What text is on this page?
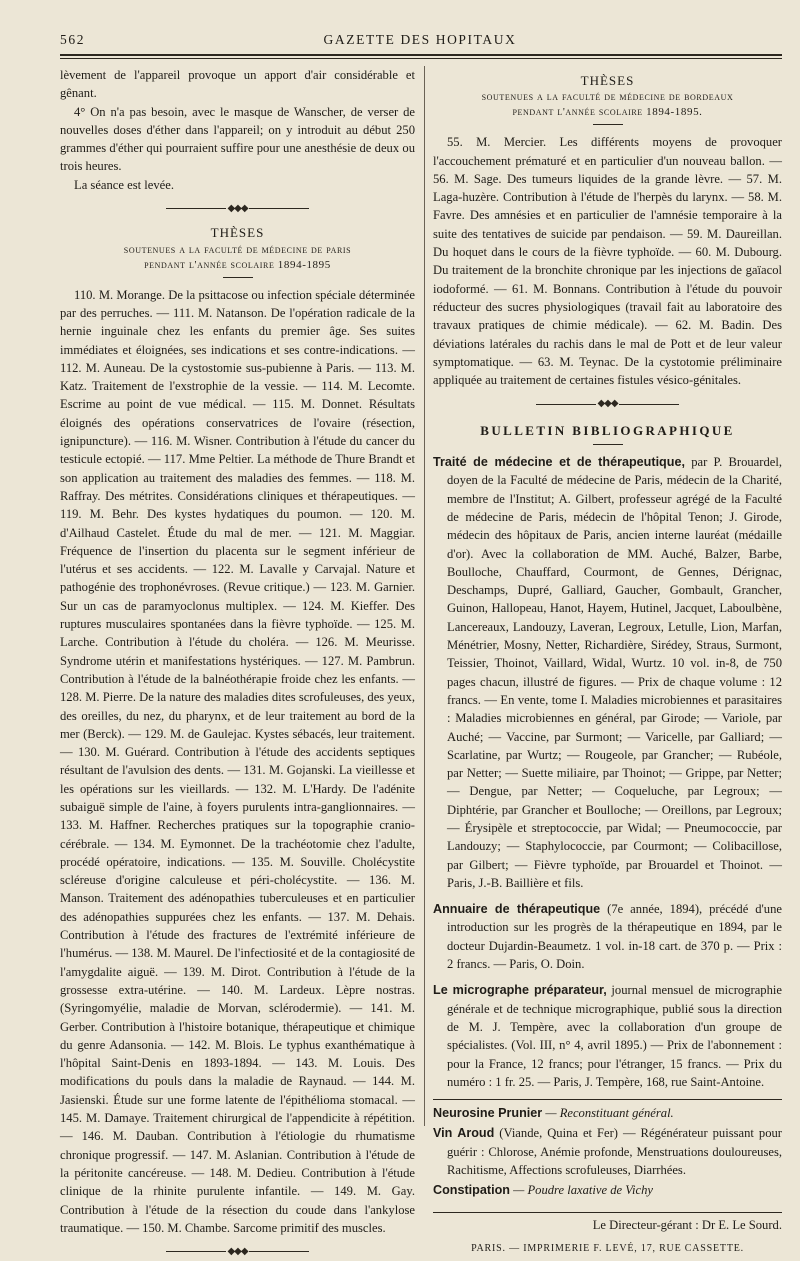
562	GAZETTE DES HOPITAUX

lèvement de l'appareil provoque un apport d'air considérable et gênant.

4° On n'a pas besoin, avec le masque de Wanscher, de verser de nouvelles doses d'éther dans l'appareil; on y introduit au début 250 grammes d'éther qui pourraient suffire pour une anesthésie de deux ou trois heures.

La séance est levée.

◆◆◆
THÈSES
soutenues a la faculté de médecine de paris
pendant l'année scolaire 1894-1895

110. M. Morange. De la psittacose ou infection spéciale déterminée par des perruches. — 111. M. Natanson. De l'opération radicale de la hernie inguinale chez les enfants du premier âge. Ses suites immédiates et éloignées, ses indications et ses contre-indications. — 112. M. Auneau. De la cystostomie sus-pubienne à Paris. — 113. M. Katz. Traitement de l'exstrophie de la vessie. — 114. M. Lecomte. Escrime au point de vue médical. — 115. M. Donnet. Résultats éloignés des opérations conservatrices de l'ovaire (résection, ignipuncture). — 116. M. Wisner. Contribution à l'étude du cancer du testicule ectopié. — 117. Mme Peltier. La méthode de Thure Brandt et son application au traitement des maladies des femmes. — 118. M. Raffray. Des métrites. Considérations cliniques et thérapeutiques. — 119. M. Behr. Des kystes hydatiques du poumon. — 120. M. d'Ailhaud Castelet. Étude du mal de mer. — 121. M. Maggiar. Fréquence de l'insertion du placenta sur le segment inférieur de l'utérus et ses accidents. — 122. M. Lavalle y Carvajal. Nature et pathogénie des trophonévroses. (Revue critique.) — 123. M. Garnier. Sur un cas de paramyoclonus multiplex. — 124. M. Kieffer. Des ruptures musculaires spontanées dans la fièvre typhoïde. — 125. M. Larche. Contribution à l'étude du choléra. — 126. M. Meurisse. Syndrome utérin et manifestations hystériques. — 127. M. Pambrun. Contribution à l'étude de la balnéothérapie froide chez les enfants. — 128. M. Pierre. De la nature des maladies dites scrofuleuses, des yeux, des oreilles, du nez, du pharynx, et de leur traitement au bord de la mer (Berck). — 129. M. de Gaulejac. Kystes sébacés, leur traitement. — 130. M. Guérard. Contribution à l'étude des accidents septiques résultant de l'avulsion des dents. — 131. M. Gojanski. La vieillesse et les opérations sur les vieillards. — 132. M. L'Hardy. De l'adénite subaiguë simple de l'aine, à foyers purulents intra-ganglionnaires. — 133. M. Haffner. Recherches pratiques sur la topographie cranio-cérébrale. — 134. M. Eymonnet. De la trachéotomie chez l'adulte, procédé opératoire, indications. — 135. M. Souville. Cholécystite scléreuse d'origine calculeuse et péri-cholécystite. — 136. M. Manson. Traitement des adénopathies tuberculeuses et en particulier des adénopathies suppurées chez les enfants. — 137. M. Dehais. Contribution à l'étude des fractures de l'extrémité inférieure de l'humérus. — 138. M. Maurel. De l'infectiosité et de la contagiosité de l'amygdalite aiguë. — 139. M. Dirot. Contribution à l'étude de la grossesse extra-utérine. — 140. M. Lardeux. Lèpre nostras. (Syringomyélie, maladie de Morvan, sclérodermie). — 141. M. Gerber. Contribution à l'histoire botanique, thérapeutique et chimique du genre Adansonia. — 142. M. Blois. Le typhus exanthématique à l'hôpital Saint-Denis en 1893-1894. — 143. M. Louis. Des modifications du pouls dans la maladie de Raynaud. — 144. M. Jasienski. Étude sur une forme latente de l'épithélioma stomacal. — 145. M. Damaye. Traitement chirurgical de l'appendicite à répétition. — 146. M. Dauban. Contribution à l'étiologie du rhumatisme chronique progressif. — 147. M. Aslanian. Contribution à l'étude de la péritonite cancéreuse. — 148. M. Dedieu. Contribution à l'étude clinique de la rhinite purulente infantile. — 149. M. Gay. Contribution à l'étude de la résection du coude dans l'ankylose traumatique. — 150. M. Chambe. Sarcome primitif des muscles.

◆◆◆
THÈSES
soutenues a la faculté de médecine de bordeaux
pendant l'année scolaire 1894-1895.

55. M. Mercier. Les différents moyens de provoquer l'accouchement prématuré et en particulier d'un nouveau ballon. — 56. M. Sage. Des tumeurs liquides de la grande lèvre. — 57. M. Laga-huzère. Contribution à l'étude de l'herpès du larynx. — 58. M. Favre. Des amnésies et en particulier de l'amnésie temporaire à la suite des tentatives de suicide par pendaison. — 59. M. Daureillan. Du hoquet dans le cours de la fièvre typhoïde. — 60. M. Dubourg. Du traitement de la bronchite chronique par les injections de gaïacol iodoformé. — 61. M. Bonnans. Contribution à l'étude du pouvoir réducteur des sucres physiologiques (travail fait au laboratoire des travaux pratiques de chimie médicale). — 62. M. Badin. Des déviations latérales du rachis dans le mal de Pott et de leur valeur symptomatique. — 63. M. Teynac. De la cystotomie préliminaire appliquée au traitement de certaines fistules vésico-génitales.

◆◆◆
BULLETIN BIBLIOGRAPHIQUE

Traité de médecine et de thérapeutique, par P. Brouardel, doyen de la Faculté de médecine de Paris, médecin de la Charité, membre de l'Institut; A. Gilbert, professeur agrégé de la Faculté de médecine de Paris, médecin de l'hôpital Tenon; J. Girode, médecin des hôpitaux de Paris, ancien interne lauréat (médaille d'or). Avec la collaboration de MM. Auché, Balzer, Barbe, Boulloche, Chauffard, Courmont, de Gennes, Dérignac, Deschamps, Dupré, Galliard, Gaucher, Gombault, Grancher, Guinon, Hallopeau, Hanot, Hayem, Hutinel, Jacquet, Laboulbène, Lancereaux, Landouzy, Laveran, Legroux, Letulle, Lion, Marfan, Ménétrier, Mosny, Netter, Richardière, Sirédey, Straus, Surmont, Teissier, Thoinot, Vaillard, Widal, Wurtz. 10 vol. in-8, de 750 pages chacun, illustré de figures. — Prix de chaque volume : 12 francs. — En vente, tome I. Maladies microbiennes et parasitaires : Maladies microbiennes en général, par Girode; — Variole, par Auché; — Vaccine, par Surmont; — Varicelle, par Galliard; — Scarlatine, par Wurtz; — Rougeole, par Grancher; — Rubéole, par Netter; — Suette miliaire, par Thoinot; — Grippe, par Netter; — Dengue, par Netter; — Coqueluche, par Legroux; — Diphtérie, par Grancher et Boulloche; — Oreillons, par Legroux; — Érysipèle et streptococcie, par Widal; — Pneumococcie, par Landouzy; — Staphylococcie, par Courmont; — Colibacillose, par Gilbert; — Fièvre typhoïde, par Brouardel et Thoinot. — Paris, J.-B. Baillière et fils.

Annuaire de thérapeutique (7e année, 1894), précédé d'une introduction sur les progrès de la thérapeutique en 1894, par le docteur Dujardin-Beaumetz. 1 vol. in-18 cart. de 370 p. — Prix : 2 francs. — Paris, O. Doin.

Le micrographe préparateur, journal mensuel de micrographie générale et de technique micrographique, publié sous la direction de M. J. Tempère, avec la collaboration d'un groupe de spécialistes. (Vol. III, n° 4, avril 1895.) — Prix de l'abonnement : pour la France, 12 francs; pour l'étranger, 15 francs. — Prix du numéro : 1 fr. 25. — Paris, J. Tempère, 168, rue Saint-Antoine.

Neurosine Prunier — Reconstituant général.

Vin Aroud (Viande, Quina et Fer) — Régénérateur puissant pour guérir : Chlorose, Anémie profonde, Menstruations douloureuses, Rachitisme, Affections scrofuleuses, Diarrhées.

Constipation — Poudre laxative de Vichy

Le Directeur-gérant : Dr E. Le Sourd.
PARIS. — IMPRIMERIE F. LEVÉ, 17, RUE CASSETTE.
